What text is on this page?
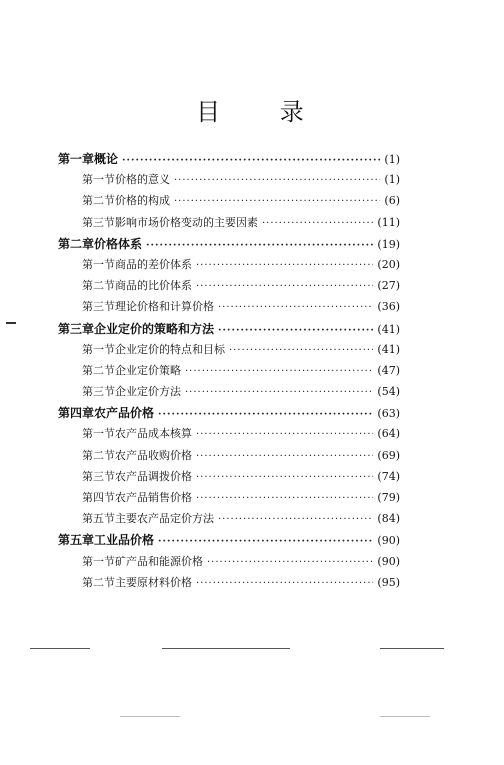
目 录
第一章 概论 ·····	(1)
第一节 价格的意义 ·····	(1)
第二节 价格的构成 ·····	(6)
第三节 影响市场价格变动的主要因素 ·····	(11)
第二章 价格体系 ·····	(19)
第一节 商品的差价体系 ·····	(20)
第二节 商品的比价体系 ·····	(27)
第三节 理论价格和计算价格 ·····	(36)
第三章 企业定价的策略和方法 ·····	(41)
第一节 企业定价的特点和目标 ·····	(41)
第二节 企业定价策略 ·····	(47)
第三节 企业定价方法 ·····	(54)
第四章 农产品价格 ·····	(63)
第一节 农产品成本核算 ·····	(64)
第二节 农产品收购价格 ·····	(69)
第三节 农产品调拨价格 ·····	(74)
第四节 农产品销售价格 ·····	(79)
第五节 主要农产品定价方法 ·····	(84)
第五章 工业品价格 ·····	(90)
第一节 矿产品和能源价格 ·····	(90)
第二节 主要原材料价格 ·····	(95)
